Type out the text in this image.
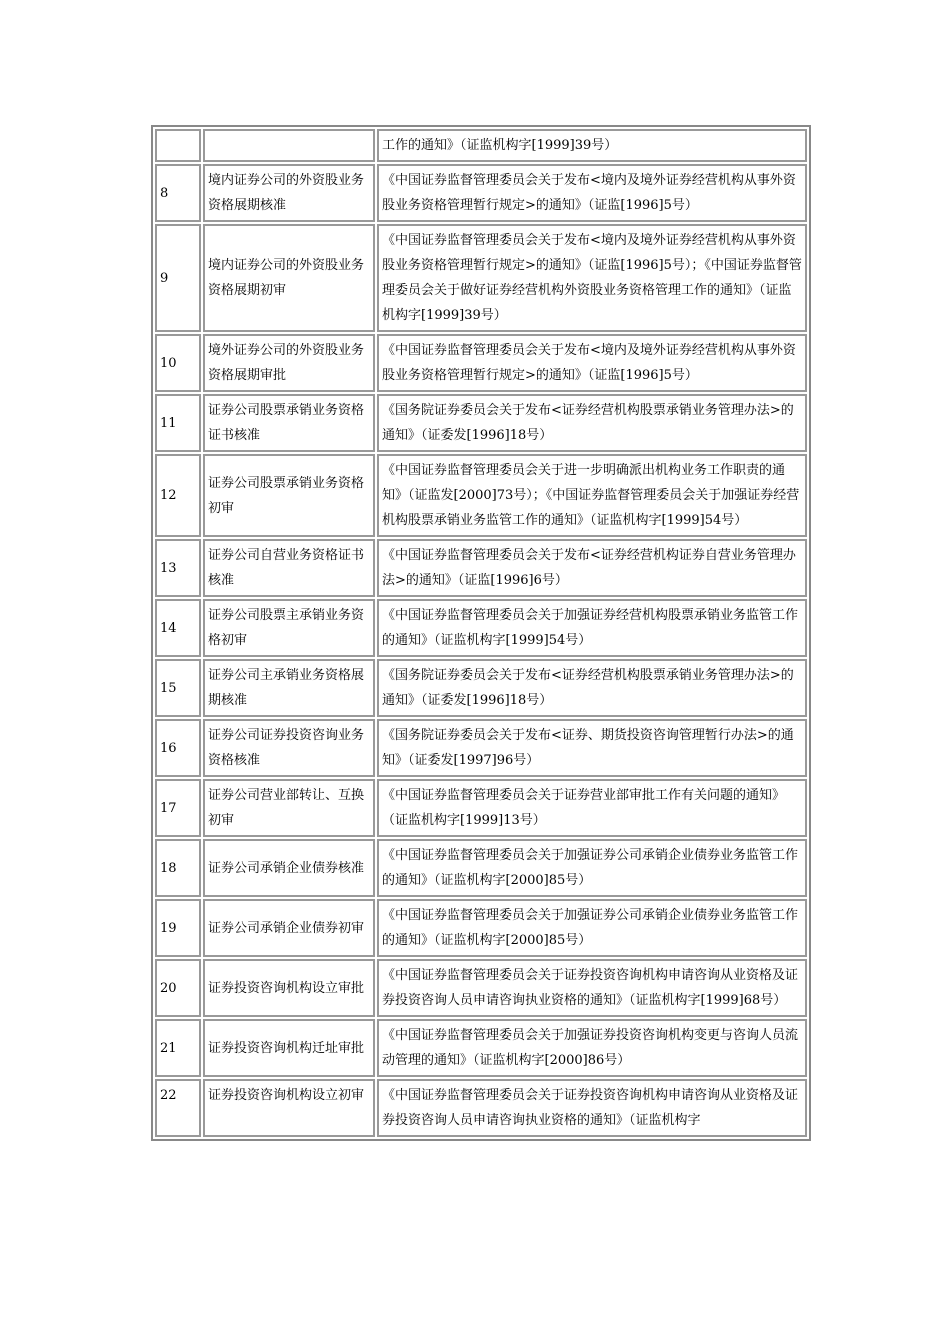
		工作的通知》（证监机构字[1999]39号）
8	境内证券公司的外资股业务资格展期核准	《中国证券监督管理委员会关于发布<境内及境外证券经营机构从事外资股业务资格管理暂行规定>的通知》（证监[1996]5号）
9	境内证券公司的外资股业务资格展期初审	《中国证券监督管理委员会关于发布<境内及境外证券经营机构从事外资股业务资格管理暂行规定>的通知》（证监[1996]5号）；《中国证券监督管理委员会关于做好证券经营机构外资股业务资格管理工作的通知》（证监机构字[1999]39号）
10	境外证券公司的外资股业务资格展期审批	《中国证券监督管理委员会关于发布<境内及境外证券经营机构从事外资股业务资格管理暂行规定>的通知》（证监[1996]5号）
11	证券公司股票承销业务资格证书核准	《国务院证券委员会关于发布<证券经营机构股票承销业务管理办法>的通知》（证委发[1996]18号）
12	证券公司股票承销业务资格初审	《中国证券监督管理委员会关于进一步明确派出机构业务工作职责的通知》（证监发[2000]73号）；《中国证券监督管理委员会关于加强证券经营机构股票承销业务监管工作的通知》（证监机构字[1999]54号）
13	证券公司自营业务资格证书核准	《中国证券监督管理委员会关于发布<证券经营机构证券自营业务管理办法>的通知》（证监[1996]6号）
14	证券公司股票主承销业务资格初审	《中国证券监督管理委员会关于加强证券经营机构股票承销业务监管工作的通知》（证监机构字[1999]54号）
15	证券公司主承销业务资格展期核准	《国务院证券委员会关于发布<证券经营机构股票承销业务管理办法>的通知》（证委发[1996]18号）
16	证券公司证券投资咨询业务资格核准	《国务院证券委员会关于发布<证券、期货投资咨询管理暂行办法>的通知》（证委发[1997]96号）
17	证券公司营业部转让、互换初审	《中国证券监督管理委员会关于证券营业部审批工作有关问题的通知》（证监机构字[1999]13号）
18	证券公司承销企业债券核准	《中国证券监督管理委员会关于加强证券公司承销企业债券业务监管工作的通知》（证监机构字[2000]85号）
19	证券公司承销企业债券初审	《中国证券监督管理委员会关于加强证券公司承销企业债券业务监管工作的通知》（证监机构字[2000]85号）
20	证券投资咨询机构设立审批	《中国证券监督管理委员会关于证券投资咨询机构申请咨询从业资格及证券投资咨询人员申请咨询执业资格的通知》（证监机构字[1999]68号）
21	证券投资咨询机构迁址审批	《中国证券监督管理委员会关于加强证券投资咨询机构变更与咨询人员流动管理的通知》（证监机构字[2000]86号）
22	证券投资咨询机构设立初审	《中国证券监督管理委员会关于证券投资咨询机构申请咨询从业资格及证券投资咨询人员申请咨询执业资格的通知》（证监机构字
